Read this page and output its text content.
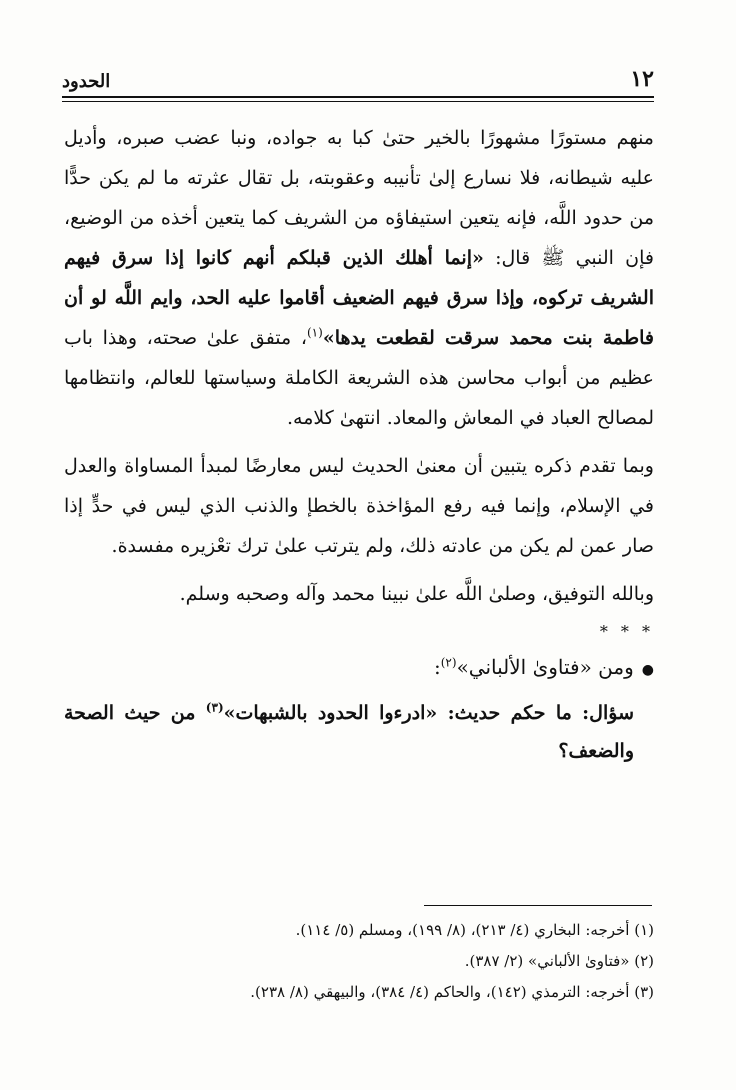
١٢
الحدود

منهم مستورًا مشهورًا بالخير حتىٰ كبا به جواده، ونبا عضب صبره، وأديل عليه شيطانه، فلا نسارع إلىٰ تأنيبه وعقوبته، بل تقال عثرته ما لم يكن حدًّا من حدود اللَّه، فإنه يتعين استيفاؤه من الشريف كما يتعين أخذه من الوضيع، فإن النبي ﷺ قال: «إنما أهلك الذين قبلكم أنهم كانوا إذا سرق فيهم الشريف تركوه، وإذا سرق فيهم الضعيف أقاموا عليه الحد، وايم اللَّه لو أن فاطمة بنت محمد سرقت لقطعت يدها»$^{(١)}$، متفق علىٰ صحته، وهذا باب عظيم من أبواب محاسن هذه الشريعة الكاملة وسياستها للعالم، وانتظامها لمصالح العباد في المعاش والمعاد. انتهىٰ كلامه.

وبما تقدم ذكره يتبين أن معنىٰ الحديث ليس معارضًا لمبدأ المساواة والعدل في الإسلام، وإنما فيه رفع المؤاخذة بالخطإ والذنب الذي ليس في حدٍّ إذا صار عمن لم يكن من عادته ذلك، ولم يترتب علىٰ ترك تعْزيره مفسدة.

وبالله التوفيق، وصلىٰ اللَّه علىٰ نبينا محمد وآله وصحبه وسلم.

* * *

●ومن «فتاوىٰ الألباني»$^{(٢)}$:

سؤال: ما حكم حديث: «ادرءوا الحدود بالشبهات»$^{(٣)}$ من حيث الصحة والضعف؟

(١) أخرجه: البخاري (٤/ ٢١٣)، (٨/ ١٩٩)، ومسلم (٥/ ١١٤).
(٢) «فتاوىٰ الألباني» (٢/ ٣٨٧).
(٣) أخرجه: الترمذي (١٤٢)، والحاكم (٤/ ٣٨٤)، والبيهقي (٨/ ٢٣٨).
